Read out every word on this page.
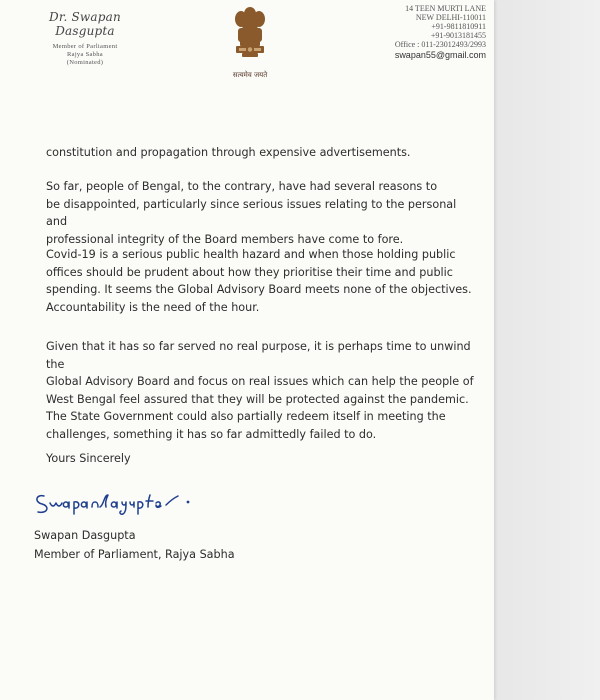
Dr. Swapan Dasgupta

Member of Parliament

Rajya Sabha

(Nominated)

सत्यमेव जयते
14 TEEN MURTI LANE
NEW DELHI-110011
+91-9811810911
+91-9013181455
Office : 011-23012493/2993
swapan55@gmail.com

constitution and propagation through expensive advertisements.

So far, people of Bengal, to the contrary, have had several reasons to
be disappointed, particularly since serious issues relating to the personal and
professional integrity of the Board members have come to fore.

Covid-19 is a serious public health hazard and when those holding public
offices should be prudent about how they prioritise their time and public
spending. It seems the Global Advisory Board meets none of the objectives.
Accountability is the need of the hour.

Given that it has so far served no real purpose, it is perhaps time to unwind the
Global Advisory Board and focus on real issues which can help the people of
West Bengal feel assured that they will be protected against the pandemic.
The State Government could also partially redeem itself in meeting the
challenges, something it has so far admittedly failed to do.

Yours Sincerely

Swapan Dasgupta
Member of Parliament, Rajya Sabha
